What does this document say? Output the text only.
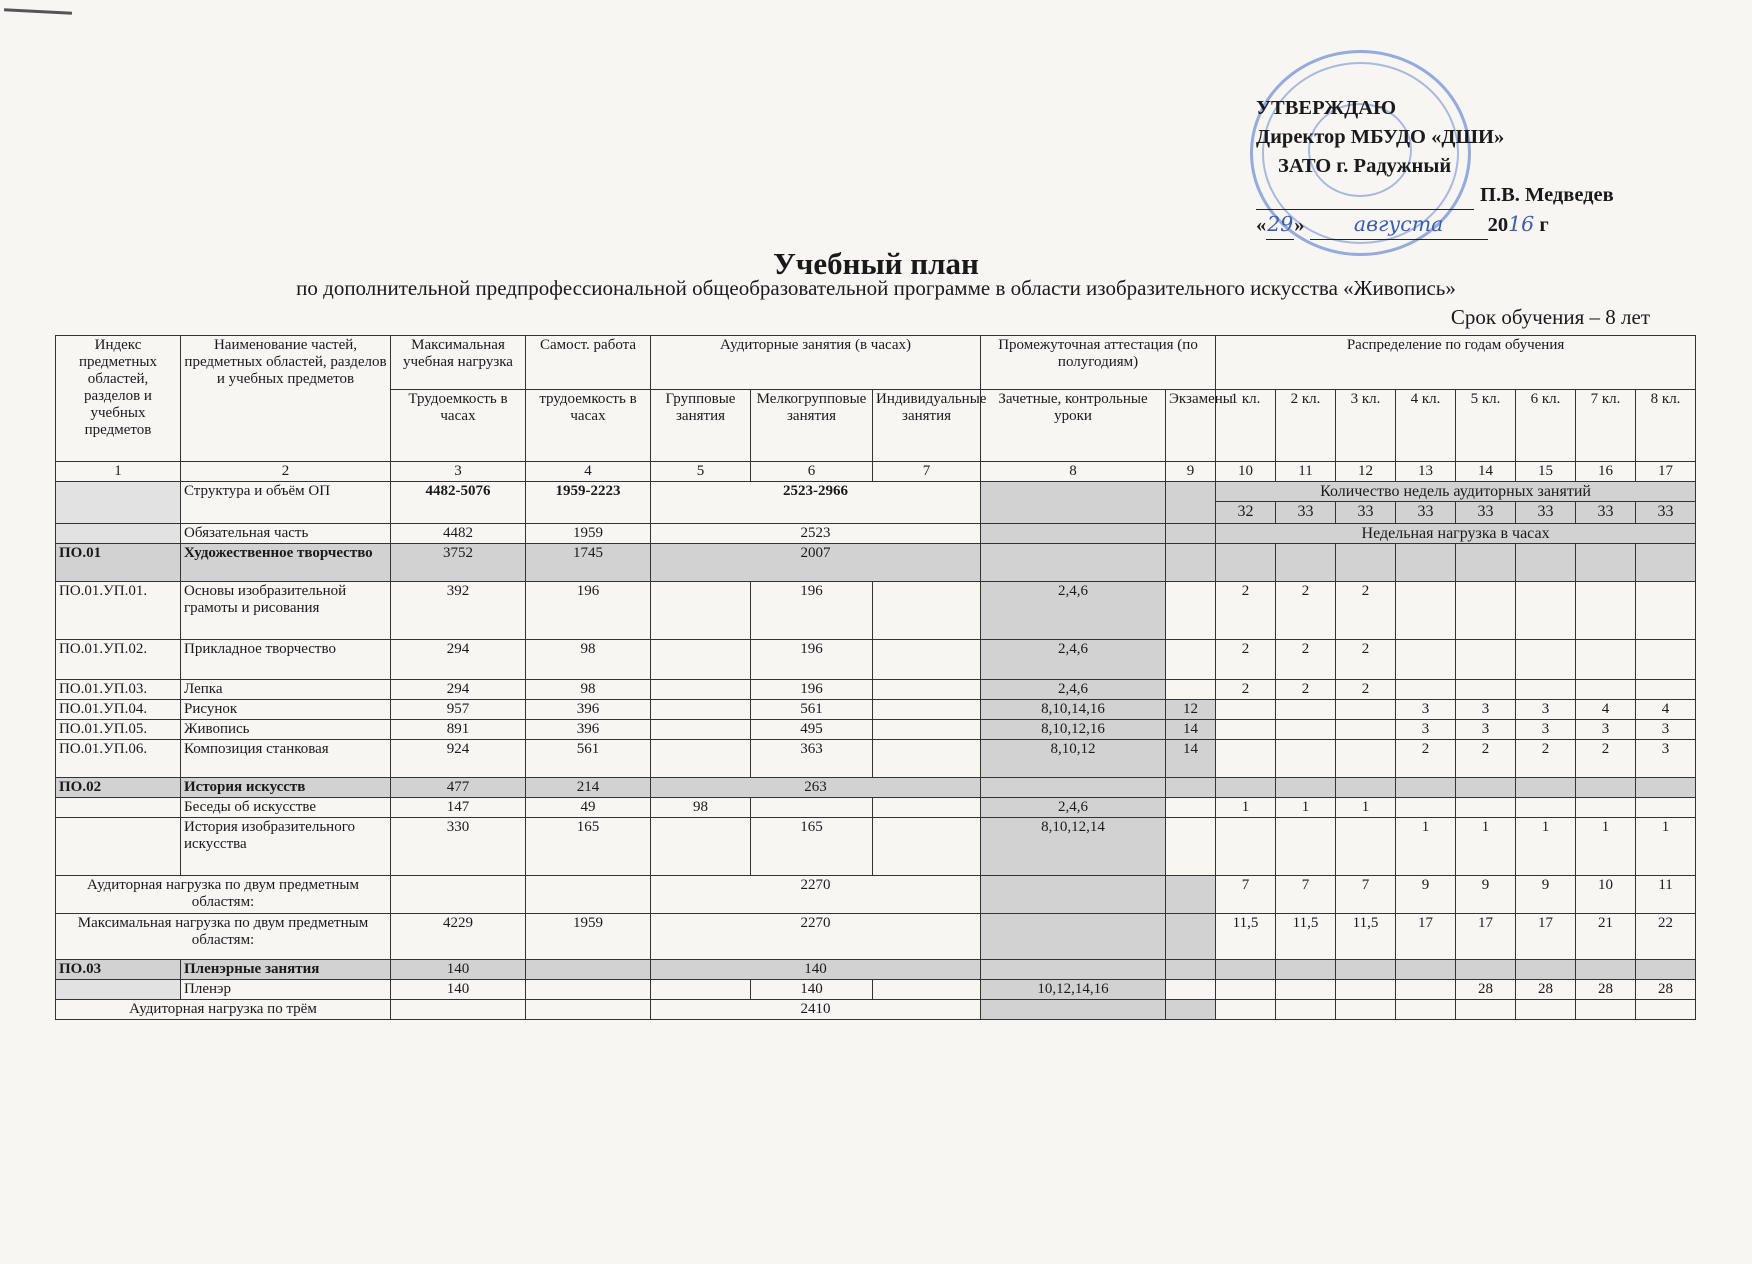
УТВЕРЖДАЮ
Директор МБУДО «ДШИ»
ЗАТО г. Радужный
П.В. Медведев
«29» августа 2016 г
Учебный план
по дополнительной предпрофессиональной общеобразовательной программе в области изобразительного искусства «Живопись»
Срок обучения – 8 лет
Индекс предметных областей, разделов и учебных предметов	Наименование частей, предметных областей, разделов и учебных предметов	Максимальная учебная нагрузка	Самост. работа	Аудиторные занятия (в часах)			Промежуточная аттестация (по полугодиям)		Распределение по годам обучения							
		Трудоемкость в часах	трудоемкость в часах	Групповые занятия	Мелкогрупповые занятия	Индивидуальные занятия	Зачетные, контрольные уроки	Экзамены	1 кл.	2 кл.	3 кл.	4 кл.	5 кл.	6 кл.	7 кл.	8 кл.
1	2	3	4	5	6	7	8	9	10	11	12	13	14	15	16	17
	Структура и объём ОП	4482-5076	1959-2223	2523-2966					Количество недель аудиторных занятий							
									32	33	33	33	33	33	33	33
	Обязательная часть	4482	1959	2523					Недельная нагрузка в часах							
ПО.01	Художественное творчество	3752	1745	2007												
ПО.01.УП.01.	Основы изобразительной грамоты и рисования	392	196		196		2,4,6		2	2	2					
ПО.01.УП.02.	Прикладное творчество	294	98		196		2,4,6		2	2	2					
ПО.01.УП.03.	Лепка	294	98		196		2,4,6		2	2	2					
ПО.01.УП.04.	Рисунок	957	396		561		8,10,14,16	12				3	3	3	4	4
ПО.01.УП.05.	Живопись	891	396		495		8,10,12,16	14				3	3	3	3	3
ПО.01.УП.06.	Композиция станковая	924	561		363		8,10,12	14				2	2	2	2	3
ПО.02	История искусств	477	214	263												
	Беседы об искусстве	147	49	98			2,4,6		1	1	1					
	История изобразительного искусства	330	165		165		8,10,12,14					1	1	1	1	1
Аудиторная нагрузка по двум предметным областям:				2270					7	7	7	9	9	9	10	11
Максимальная нагрузка по двум предметным областям:		4229	1959	2270					11,5	11,5	11,5	17	17	17	21	22
ПО.03	Пленэрные занятия	140		140												
	Пленэр	140			140		10,12,14,16						28	28	28	28
Аудиторная нагрузка по трём				2410												
